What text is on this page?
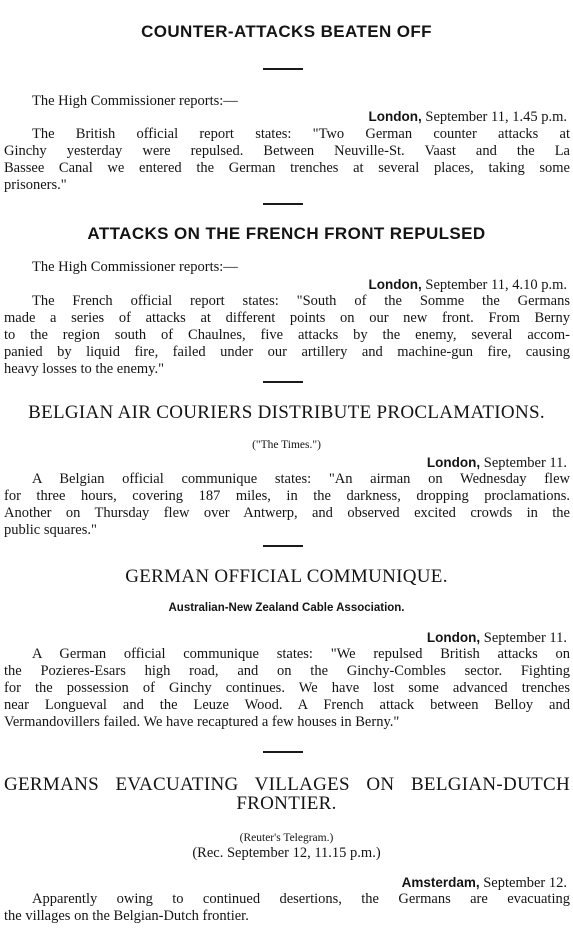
COUNTER-ATTACKS BEATEN OFF
The High Commissioner reports:—
London, September 11, 1.45 p.m.
The British official report states: "Two German counter attacks at
Ginchy yesterday were repulsed. Between Neuville-St. Vaast and the La
Bassee Canal we entered the German trenches at several places, taking some
prisoners."
ATTACKS ON THE FRENCH FRONT REPULSED
The High Commissioner reports:—
London, September 11, 4.10 p.m.
The French official report states: "South of the Somme the Germans
made a series of attacks at different points on our new front. From Berny
to the region south of Chaulnes, five attacks by the enemy, several accom-
panied by liquid fire, failed under our artillery and machine-gun fire, causing
heavy losses to the enemy."
BELGIAN AIR COURIERS DISTRIBUTE PROCLAMATIONS.
("The Times.")
London, September 11.
A Belgian official communique states: "An airman on Wednesday flew
for three hours, covering 187 miles, in the darkness, dropping proclamations.
Another on Thursday flew over Antwerp, and observed excited crowds in the
public squares."
GERMAN OFFICIAL COMMUNIQUE.
Australian-New Zealand Cable Association.
London, September 11.
A German official communique states: "We repulsed British attacks on
the Pozieres-Esars high road, and on the Ginchy-Combles sector. Fighting
for the possession of Ginchy continues. We have lost some advanced trenches
near Longueval and the Leuze Wood. A French attack between Belloy and
Vermandovillers failed. We have recaptured a few houses in Berny."
GERMANS EVACUATING VILLAGES ON BELGIAN-DUTCH
FRONTIER.
(Reuter's Telegram.)
(Rec. September 12, 11.15 p.m.)
Amsterdam, September 12.
Apparently owing to continued desertions, the Germans are evacuating
the villages on the Belgian-Dutch frontier.
